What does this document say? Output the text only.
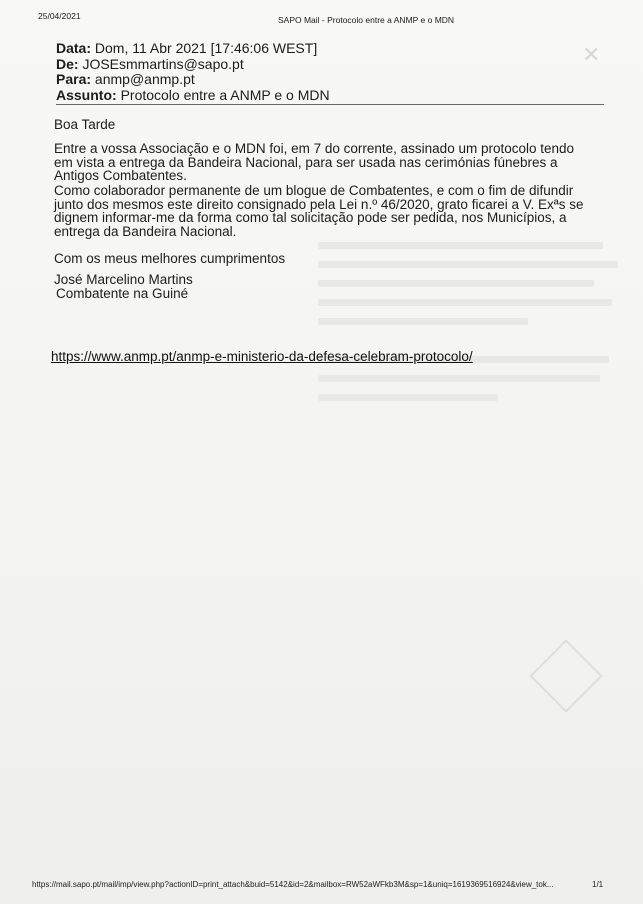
✕
25/04/2021	SAPO Mail - Protocolo entre a ANMP e o MDN
Data: Dom, 11 Abr 2021 [17:46:06 WEST]
De: JOSEsmmartins@sapo.pt
Para: anmp@anmp.pt
Assunto: Protocolo entre a ANMP e o MDN
Boa Tarde
Entre a vossa Associação e o MDN foi, em 7 do corrente, assinado um protocolo tendo em vista a entrega da Bandeira Nacional, para ser usada nas cerimónias fúnebres a Antigos Combatentes.
Como colaborador permanente de um blogue de Combatentes, e com o fim de difundir junto dos mesmos este direito consignado pela Lei n.º 46/2020, grato ficarei a V. Exªs se dignem informar-me da forma como tal solicitação pode ser pedida, nos Municípios, a entrega da Bandeira Nacional.
Com os meus melhores cumprimentos
José Marcelino Martins
Combatente na Guiné
https://www.anmp.pt/anmp-e-ministerio-da-defesa-celebram-protocolo/
https://mail.sapo.pt/mail/imp/view.php?actionID=print_attach&buid=5142&id=2&mailbox=RW52aWFkb3M&sp=1&uniq=1619369516924&view_tok...	1/1
